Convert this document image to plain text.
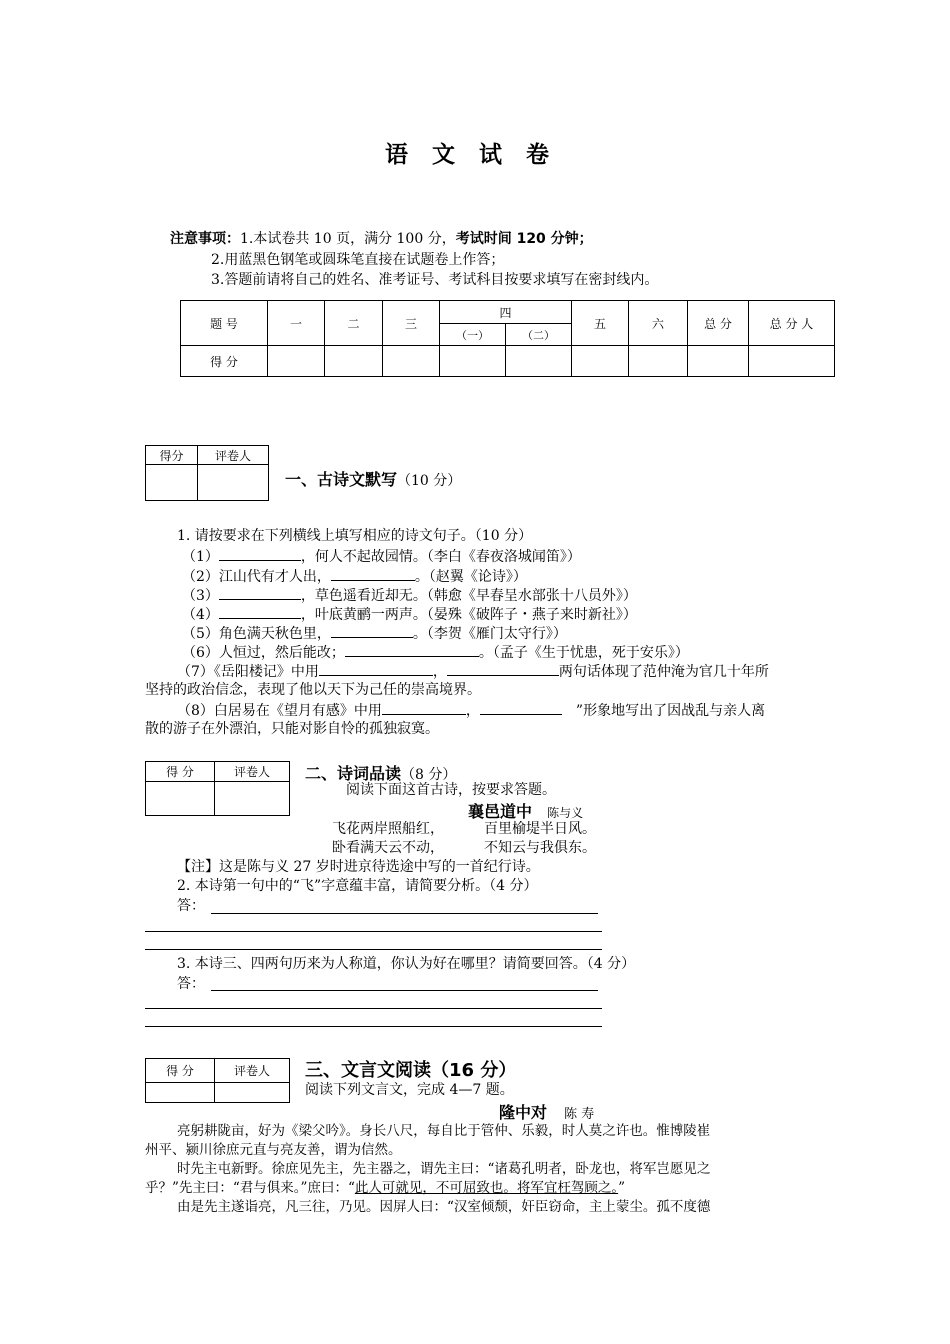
语 文 试 卷
注意事项：1.本试卷共 10 页，满分 100 分，考试时间 120 分钟；
2.用蓝黑色钢笔或圆珠笔直接在试题卷上作答；
3.答题前请将自己的姓名、准考证号、考试科目按要求填写在密封线内。
题 号	一	二	三	四		五	六	总 分	总 分 人
				（一）	（二）				
得 分									
得分	评卷人

一、古诗文默写（10 分）
1. 请按要求在下列横线上填写相应的诗文句子。（10 分）
（1）	，何人不起故园情。（李白《春夜洛城闻笛》）
（2）江山代有才人出，	。（赵翼《论诗》）
（3）	，草色遥看近却无。（韩愈《早春呈水部张十八员外》）
（4）	，叶底黄鹂一两声。（晏殊《破阵子・燕子来时新社》）
（5）角色满天秋色里，	。（李贺《雁门太守行》）
（6）人恒过，然后能改；	。（孟子《生于忧患，死于安乐》）
（7）《岳阳楼记》中用	，	两句话体现了范仲淹为官几十年所
坚持的政治信念，表现了他以天下为己任的崇高境界。
（8）白居易在《望月有感》中用	，	”形象地写出了因战乱与亲人离
散的游子在外漂泊，只能对影自怜的孤独寂寞。
得 分	评卷人
	二、诗词品读（8 分）
阅读下面这首古诗，按要求答题。
襄邑道中 陈与义
飞花两岸照船红，	百里榆堤半日风。
卧看满天云不动，	不知云与我俱东。
【注】这是陈与义 27 岁时进京待选途中写的一首纪行诗。
2. 本诗第一句中的“飞”字意蕴丰富，请简要分析。（4 分）
答：
3. 本诗三、四两句历来为人称道，你认为好在哪里？请简要回答。（4 分）
答：
得 分	评卷人
	三、文言文阅读（16 分）
阅读下列文言文，完成 4—7 题。
隆中对 陈 寿
亮躬耕陇亩，好为《梁父吟》。身长八尺，每自比于管仲、乐毅，时人莫之许也。惟博陵崔
州平、颍川徐庶元直与亮友善，谓为信然。
时先主屯新野。徐庶见先主，先主器之，谓先主曰：“诸葛孔明者，卧龙也，将军岂愿见之
乎？”先主曰：“君与俱来。”庶曰：“此人可就见，不可屈致也。将军宜枉驾顾之。”
由是先主遂诣亮，凡三往，乃见。因屏人曰：“汉室倾颓，奸臣窃命，主上蒙尘。孤不度德
